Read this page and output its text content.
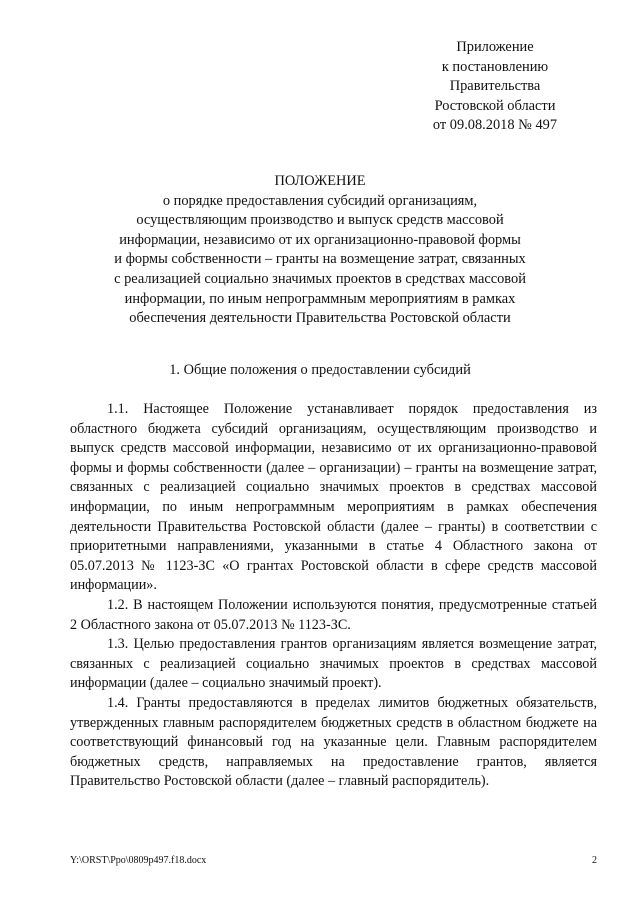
Приложение
к постановлению
Правительства
Ростовской области
от 09.08.2018 № 497
ПОЛОЖЕНИЕ
о порядке предоставления субсидий организациям,
осуществляющим производство и выпуск средств массовой
информации, независимо от их организационно-правовой формы
и формы собственности – гранты на возмещение затрат, связанных
с реализацией социально значимых проектов в средствах массовой
информации, по иным непрограммным мероприятиям в рамках
обеспечения деятельности Правительства Ростовской области
1. Общие положения о предоставлении субсидий

1.1. Настоящее Положение устанавливает порядок предоставления из областного бюджета субсидий организациям, осуществляющим производство и выпуск средств массовой информации, независимо от их организационно-правовой формы и формы собственности (далее – организации) – гранты на возмещение затрат, связанных с реализацией социально значимых проектов в средствах массовой информации, по иным непрограммным мероприятиям в рамках обеспечения деятельности Правительства Ростовской области (далее – гранты) в соответствии с приоритетными направлениями, указанными в статье 4 Областного закона от 05.07.2013 № 1123-ЗС «О грантах Ростовской области в сфере средств массовой информации».

1.2. В настоящем Положении используются понятия, предусмотренные статьей 2 Областного закона от 05.07.2013 № 1123-ЗС.

1.3. Целью предоставления грантов организациям является возмещение затрат, связанных с реализацией социально значимых проектов в средствах массовой информации (далее – социально значимый проект).

1.4. Гранты предоставляются в пределах лимитов бюджетных обязательств, утвержденных главным распорядителем бюджетных средств в областном бюджете на соответствующий финансовый год на указанные цели. Главным распорядителем бюджетных средств, направляемых на предоставление грантов, является Правительство Ростовской области (далее – главный распорядитель).

Y:\ORST\Ppo\0809p497.f18.docx	2
